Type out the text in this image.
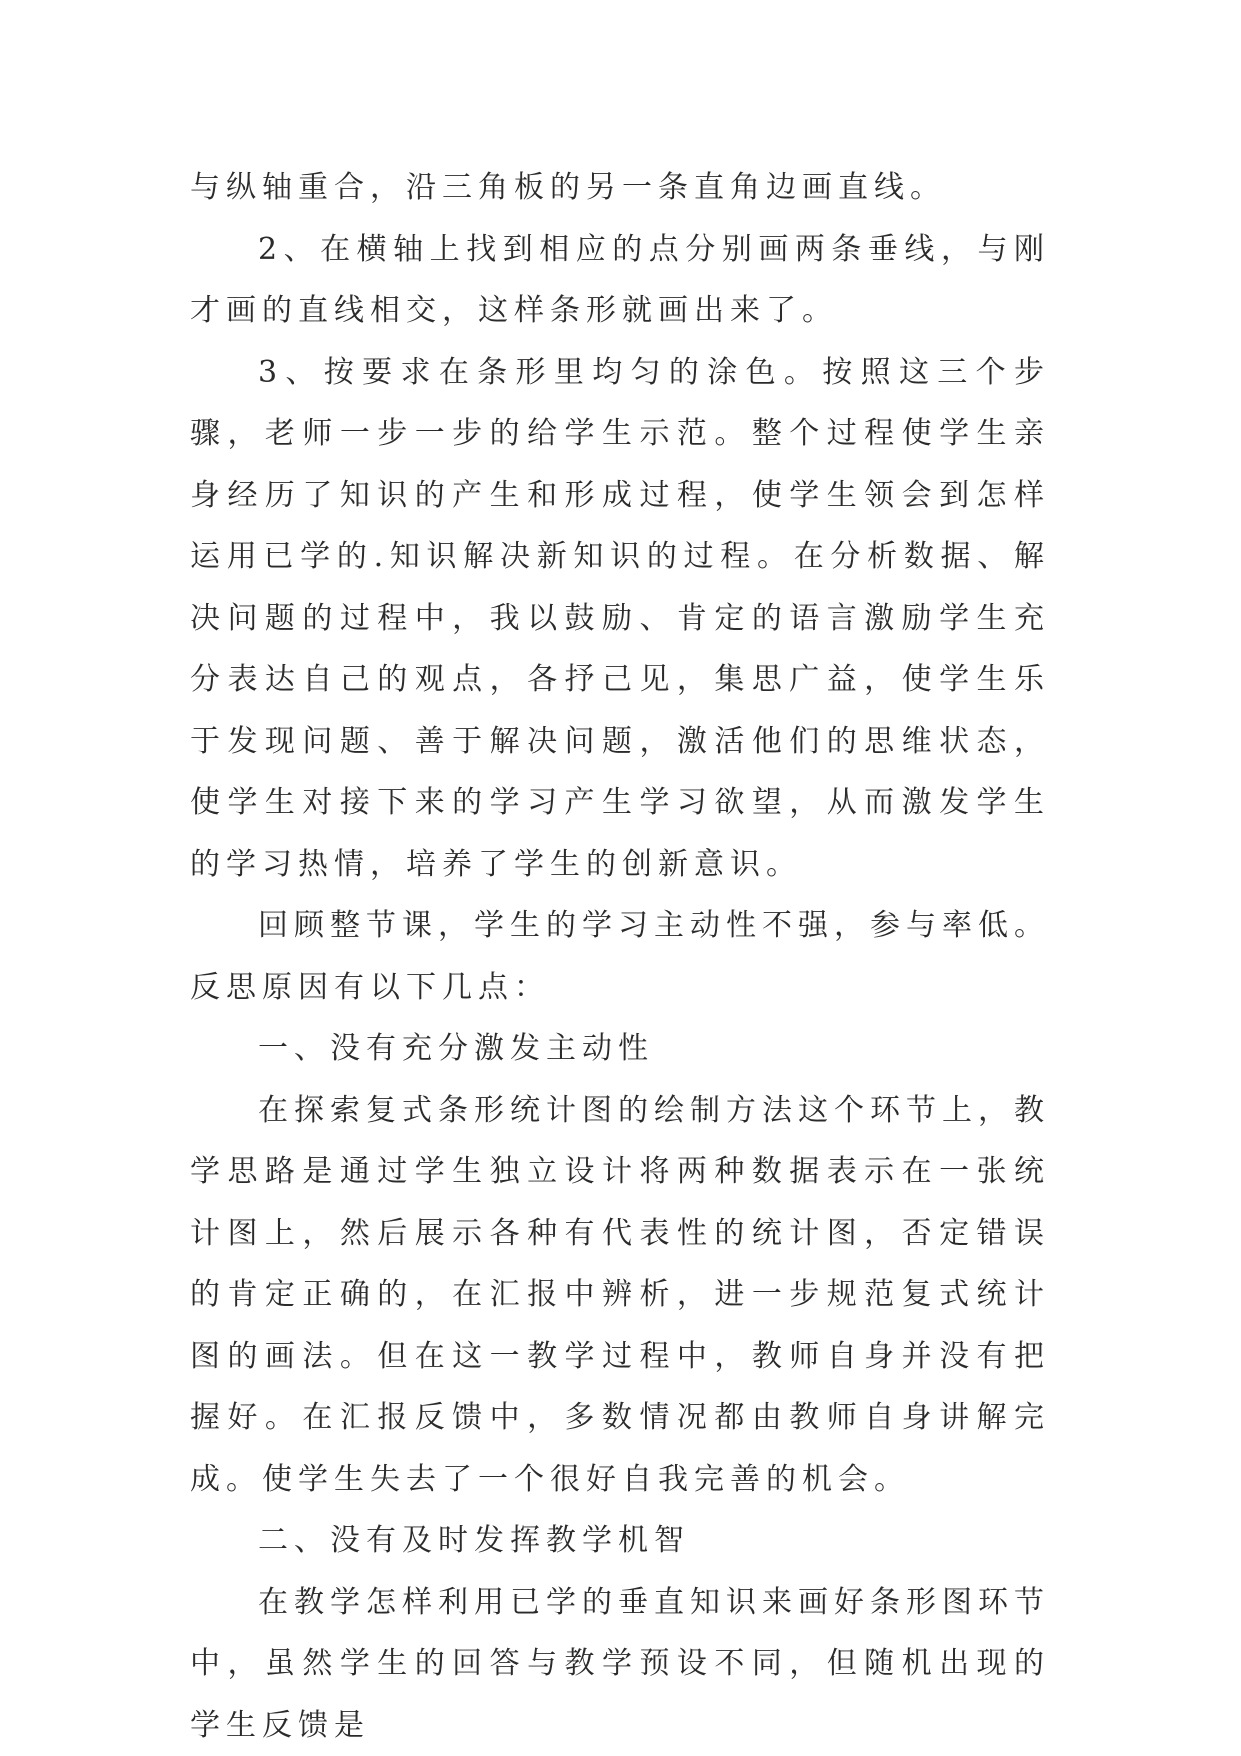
与纵轴重合，沿三角板的另一条直角边画直线。

2、在横轴上找到相应的点分别画两条垂线，与刚才画的直线相交，这样条形就画出来了。

3、按要求在条形里均匀的涂色。按照这三个步骤，老师一步一步的给学生示范。整个过程使学生亲身经历了知识的产生和形成过程，使学生领会到怎样运用已学的.知识解决新知识的过程。在分析数据、解决问题的过程中，我以鼓励、肯定的语言激励学生充分表达自己的观点，各抒己见，集思广益，使学生乐于发现问题、善于解决问题，激活他们的思维状态，使学生对接下来的学习产生学习欲望，从而激发学生的学习热情，培养了学生的创新意识。

回顾整节课，学生的学习主动性不强，参与率低。反思原因有以下几点：

一、没有充分激发主动性

在探索复式条形统计图的绘制方法这个环节上，教学思路是通过学生独立设计将两种数据表示在一张统计图上，然后展示各种有代表性的统计图，否定错误的肯定正确的，在汇报中辨析，进一步规范复式统计图的画法。但在这一教学过程中，教师自身并没有把握好。在汇报反馈中，多数情况都由教师自身讲解完成。使学生失去了一个很好自我完善的机会。

二、没有及时发挥教学机智

在教学怎样利用已学的垂直知识来画好条形图环节中，虽然学生的回答与教学预设不同，但随机出现的学生反馈是
